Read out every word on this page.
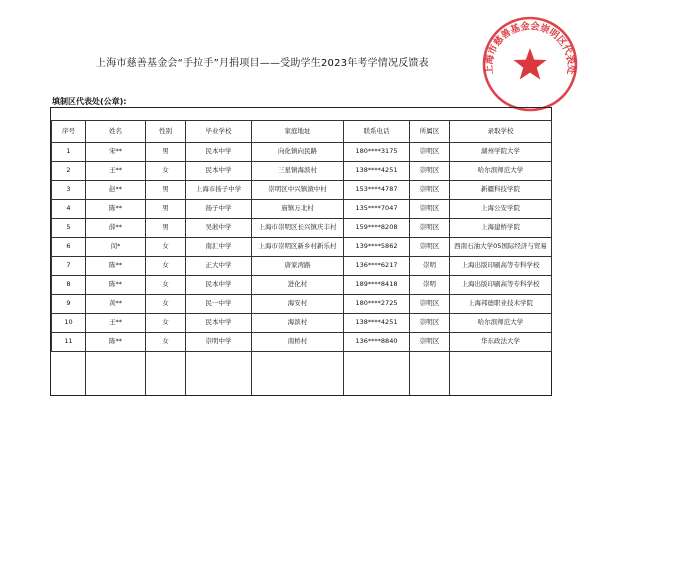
上海市慈善基金会“手拉手”月捐项目——受助学生2023年考学情况反馈表
上海市慈善基金会崇明区代表处
填制区代表处(公章):
序号	姓名	性别	毕业学校	家庭地址	联系电话	所属区	录取学校
1	宋**	男	民本中学	向化镇向民路	180****3175	崇明区	湖州学院大学
2	王**	女	民本中学	三星镇海滨村	138****4251	崇明区	哈尔滨师范大学
3	赵**	男	上海市扬子中学	崇明区中兴镇滧中村	153****4787	崇明区	新疆科技学院
4	陈**	男	扬子中学	庙镇万北村	135****7047	崇明区	上海公安学院
5	薛**	男	吴淞中学	上海市崇明区长兴镇庆丰村	159****8208	崇明区	上海建桥学院
6	闵*	女	南汇中学	上海市崇明区新乡村新乐村	139****5862	崇明区	西南石油大学05国际经济与贸易
7	陈**	女	正大中学	唐家湾路	136****6217	崇明	上海出版印刷高等专科学校
8	陈**	女	民本中学	进化村	189****8418	崇明	上海出版印刷高等专科学校
9	黄**	女	民一中学	海安村	180****2725	崇明区	上海邦德职业技术学院
10	王**	女	民本中学	海滨村	138****4251	崇明区	哈尔滨师范大学
11	陈**	女	崇明中学	南桥村	136****8840	崇明区	华东政法大学
